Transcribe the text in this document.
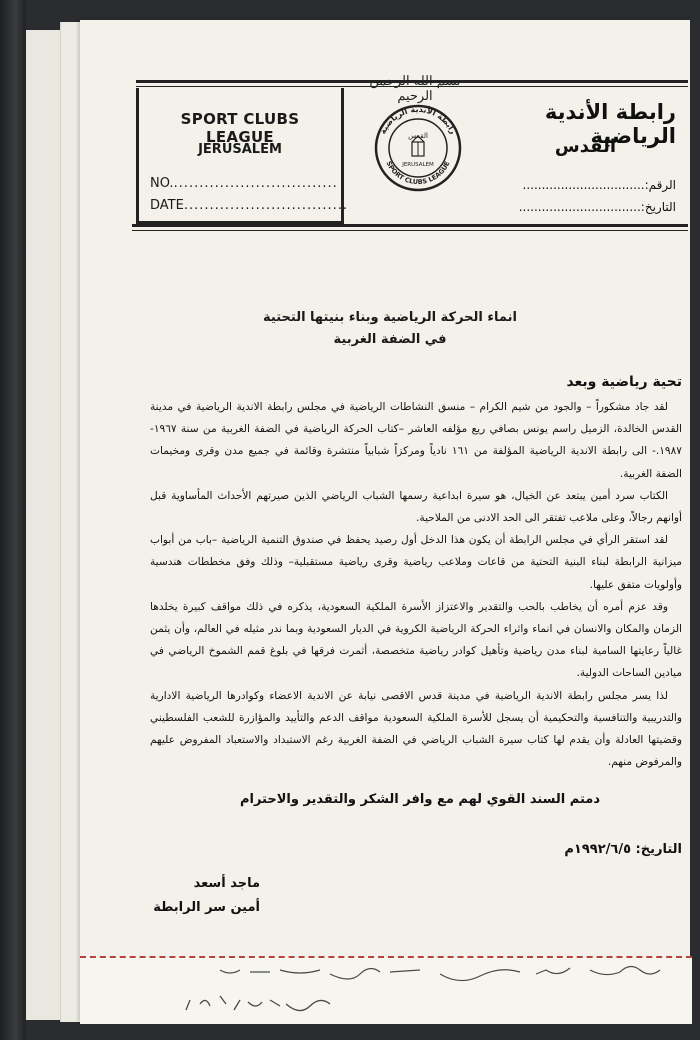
SPORT CLUBS LEAGUE
JERUSALEM
NO.................................
DATE................................
بسم الله الرحمن الرحيم
رابطة الأندية الرياضية
SPORT CLUBS LEAGUE
القدس
JERUSALEM
رابطة الأندية الرياضية
القدس
الرقم:................................
التاريخ:................................
انماء الحركة الرياضية وبناء بنيتها التحتية
في الضفة الغربية
تحية رياضية وبعد

لقد جاد مشكوراً – والجود من شيم الكرام – منسق النشاطات الرياضية في مجلس رابطة الاندية الرياضية في مدينة القدس الخالدة، الزميل راسم يونس بصافي ريع مؤلفه العاشر –كتاب الحركة الرياضية في الضفة الغربية من سنة ١٩٦٧- ١٩٨٧.- الى رابطة الاندية الرياضية المؤلفة من ١٦١ نادياً ومركزاً شبابياً منتشرة وقائمة في جميع مدن وقرى ومخيمات الضفة الغربية.

الكتاب سرد أمين يبتعد عن الخيال، هو سيرة ابداعية رسمها الشباب الرياضي الذين صيرتهم الأحداث المأساوية قبل أوانهم رجالاً، وعلى ملاعب تفتقر الى الحد الادنى من الملاحية.

لقد استقر الرأي في مجلس الرابطة أن يكون هذا الدخل أول رصيد يحفظ في صندوق التنمية الرياضية –باب من أبواب ميزانية الرابطة لبناء البنية التحتية من قاعات وملاعب رياضية وقرى رياضية مستقبلية– وذلك وفق مخططات هندسية وأولويات متفق عليها.

وقد عزم أمره أن يخاطب بالحب والتقدير والاعتزاز الأسرة الملكية السعودية، يذكره في ذلك مواقف كبيرة يخلدها الزمان والمكان والانسان في انماء واثراء الحركة الرياضية الكروية في الديار السعودية وبما ندر مثيله في العالم، وأن يثمن غالياً رعايتها السامية لبناء مدن رياضية وتأهيل كوادر رياضية متخصصة، أثمرت فرقها في بلوغ قمم الشموخ الرياضي في ميادين الساحات الدولية.

لذا يسر مجلس رابطة الاندية الرياضية في مدينة قدس الاقصى نيابة عن الاندية الاعضاء وكوادرها الرياضية الادارية والتدريبية والتنافسية والتحكيمية أن يسجل للأسرة الملكية السعودية مواقف الدعم والتأييد والمؤازرة للشعب الفلسطيني وقضيتها العادلة وأن يقدم لها كتاب سيرة الشباب الرياضي في الضفة الغربية رغم الاستبداد والاستعباد المفروض عليهم والمرفوض منهم.

دمتم السند القوي لهم مع وافر الشكر والتقدير والاحترام
التاريخ: ١٩٩٢/٦/٥م
ماجد أسعد
أمين سر الرابطة
